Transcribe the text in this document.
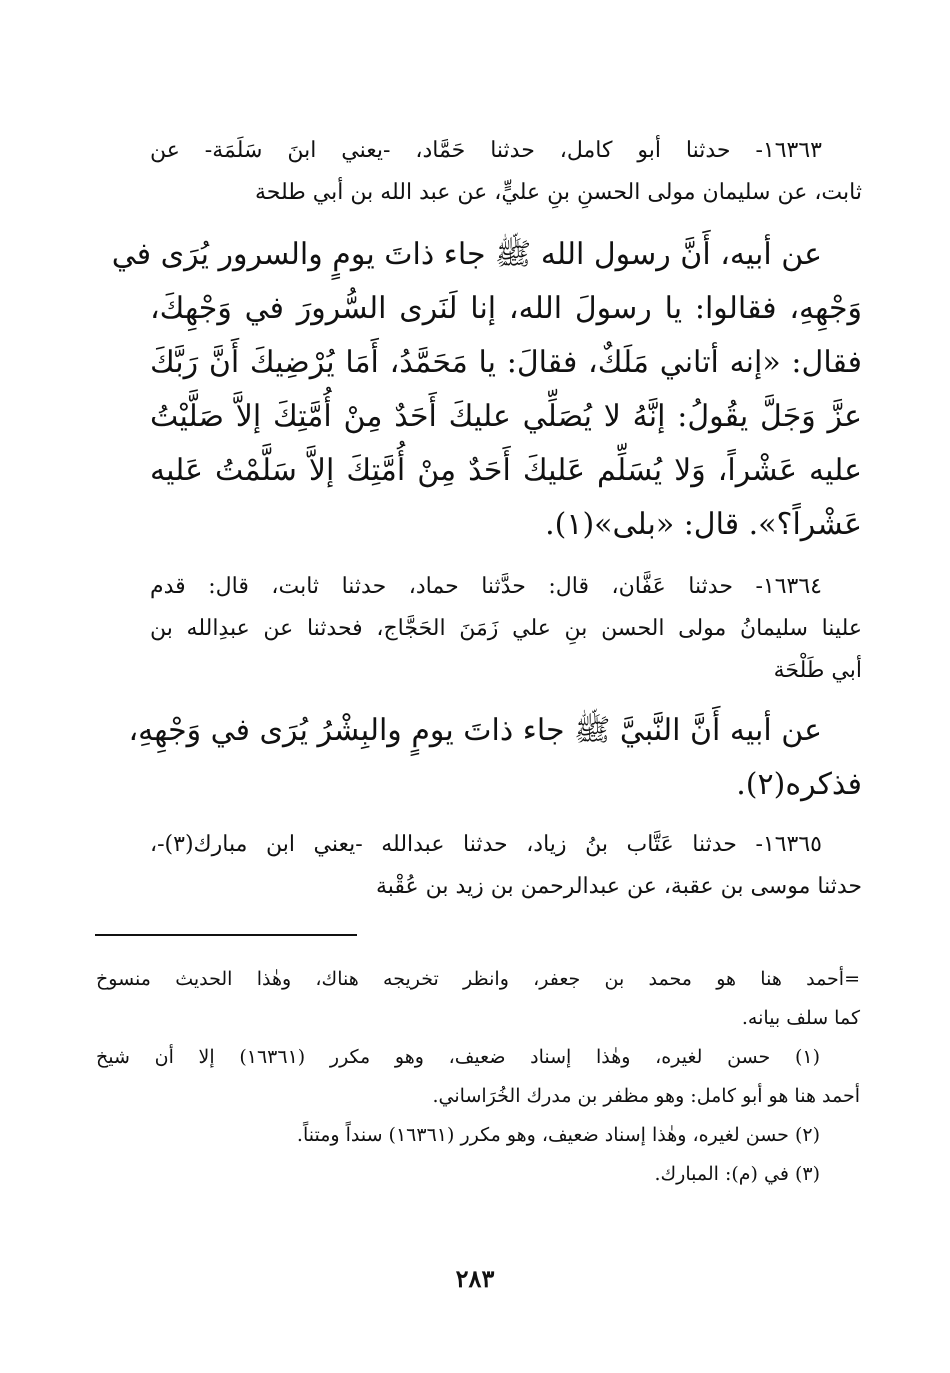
١٦٣٦٣- حدثنا أبو كامل، حدثنا حَمَّاد، -يعني ابنَ سَلَمَة- عن
ثابت، عن سليمان مولى الحسنِ بنِ عليٍّ، عن عبد الله بن أبي طلحة
عن أبيه، أَنَّ رسول الله ﷺ جاء ذاتَ يومٍ والسرور يُرَى في
وَجْهِهِ، فقالوا: يا رسولَ الله، إنا لَنَرى السُّرورَ في وَجْهِكَ،
فقال: «إنه أتاني مَلَكٌ، فقالَ: يا مَحَمَّدُ، أَمَا يُرْضِيكَ أَنَّ رَبَّكَ
عزَّ وَجَلَّ يقُولُ: إنَّهُ لا يُصَلِّي عليكَ أَحَدٌ مِنْ أُمَّتِكَ إلاَّ صَلَّيْتُ
عليه عَشْراً، وَلا يُسَلِّم عَليكَ أَحَدٌ مِنْ أُمَّتِكَ إلاَّ سَلَّمْتُ عَليه
عَشْراً؟». قال: «بلى»(١).
١٦٣٦٤- حدثنا عَفَّان، قال: حدَّثنا حماد، حدثنا ثابت، قال: قدم
علينا سليمانُ مولى الحسن بنِ علي زَمَنَ الحَجَّاج، فحدثنا عن عبدِالله بن
أبي طَلْحَة
عن أبيه أَنَّ النَّبيَّ ﷺ جاء ذاتَ يومٍ والبِشْرُ يُرَى في وَجْهِهِ،
فذكره(٢).
١٦٣٦٥- حدثنا عَتَّاب بنُ زياد، حدثنا عبدالله -يعني ابن مبارك(٣)-،
حدثنا موسى بن عقبة، عن عبدالرحمن بن زيد بن عُقْبة
=أحمد هنا هو محمد بن جعفر، وانظر تخريجه هناك، وهٰذا الحديث منسوخ
كما سلف بيانه.
(١) حسن لغيره، وهٰذا إسناد ضعيف، وهو مكرر (١٦٣٦١) إلا أن شيخ
أحمد هنا هو أبو كامل: وهو مظفر بن مدرك الخُرَاساني.
(٢) حسن لغيره، وهٰذا إسناد ضعيف، وهو مكرر (١٦٣٦١) سنداً ومتناً.
(٣) في (م): المبارك.
٢٨٣
